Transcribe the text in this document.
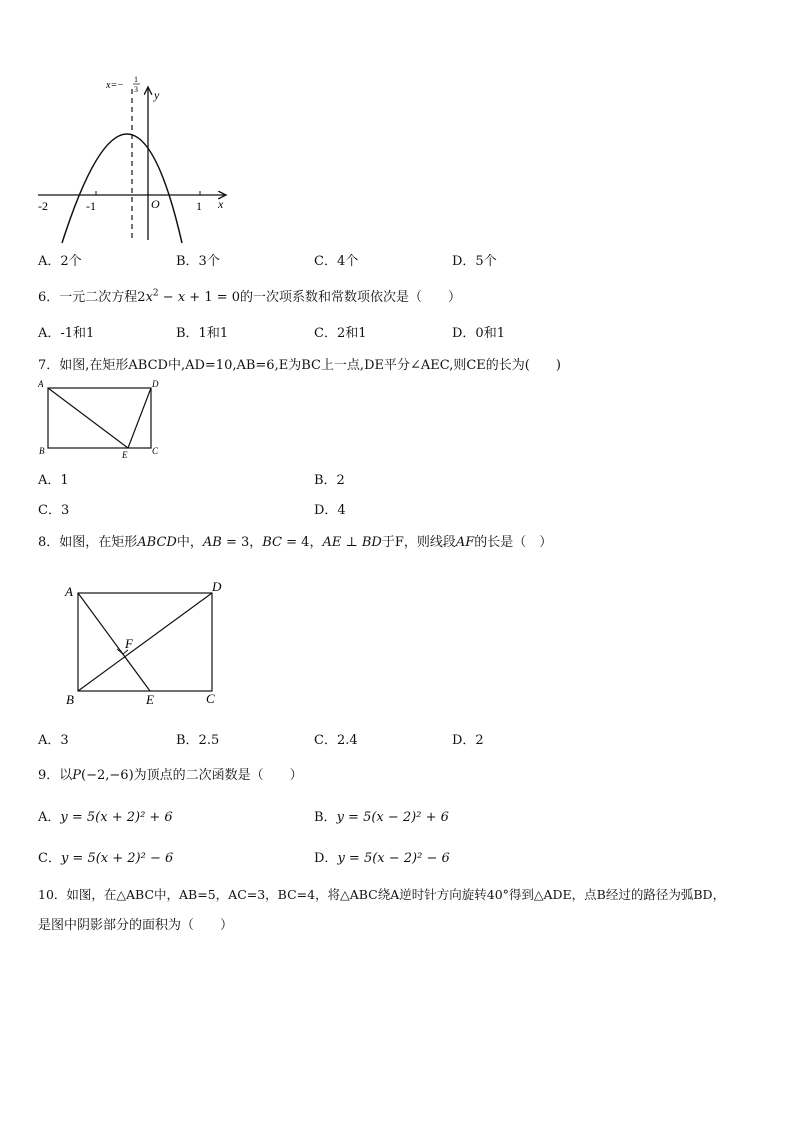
x=−
1
3 y
x
O
-2	-1	1
A．2个	B．3个	C．4个	D．5个
6．一元二次方程$2x^2 - x + 1 = 0$的一次项系数和常数项依次是（　　）
A．-1和1	B．1和1	C．2和1	D．0和1
7．如图,在矩形ABCD中,AD=10,AB=6,E为BC上一点,DE平分∠AEC,则CE的长为(　　)
A	D
B	E	C
A．1	B．2
C．3	D．4
8．如图，在矩形ABCD中，AB = 3，BC = 4，AE ⊥ BD于F，则线段AF的长是（　）
A	D
F
B	E	C
A．3	B．2.5	C．2.4	D．2
9．以P(−2,−6)为顶点的二次函数是（　　）
A．y = 5(x + 2)² + 6	B．y = 5(x − 2)² + 6
C．y = 5(x + 2)² − 6	D．y = 5(x − 2)² − 6
10．如图，在△ABC中，AB=5，AC=3，BC=4，将△ABC绕A逆时针方向旋转40°得到△ADE，点B经过的路径为弧BD，
是图中阴影部分的面积为（　　）
